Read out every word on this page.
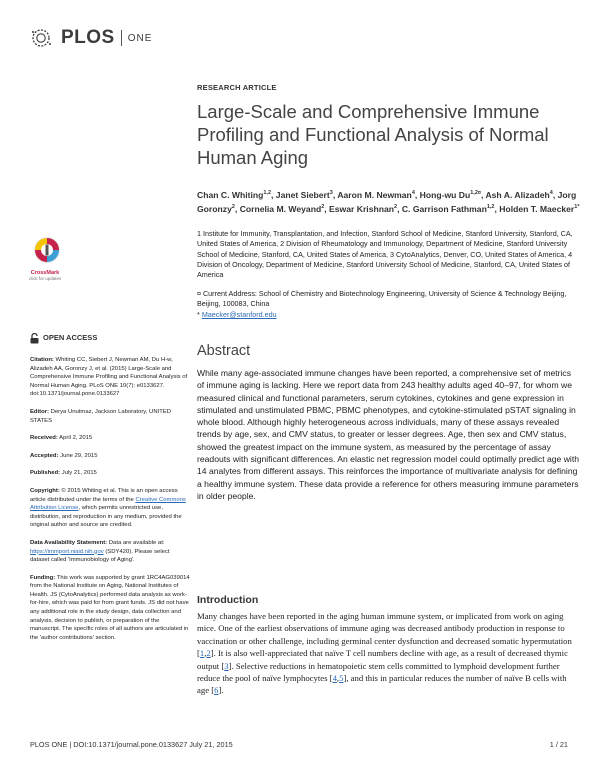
PLOS ONE
RESEARCH ARTICLE
Large-Scale and Comprehensive Immune Profiling and Functional Analysis of Normal Human Aging
Chan C. Whiting$^{1,2}$, Janet Siebert$^3$, Aaron M. Newman$^4$, Hong-wu $Du^{1,2¤}$, Ash A. Alizadeh$^4$, Jorg Goronzy$^2$, Cornelia M. Weyand$^2$, Eswar Krishnan$^2$, C. Garrison Fathman$^{1,2}$, Holden T. Maecker$^{1*}$
1 Institute for Immunity, Transplantation, and Infection, Stanford School of Medicine, Stanford University, Stanford, CA, United States of America, 2 Division of Rheumatology and Immunology, Department of Medicine, Stanford University School of Medicine, Stanford, CA, United States of America, 3 CytoAnalytics, Denver, CO, United States of America, 4 Division of Oncology, Department of Medicine, Stanford University School of Medicine, Stanford, CA, United States of America
¤ Current Address: School of Chemistry and Biotechnology Engineering, University of Science & Technology Beijing, Beijing, 100083, China
* Maecker@stanford.edu
CrossMark
click for updates
OPEN ACCESS
Citation: Whiting CC, Siebert J, Newman AM, Du H-w, Alizadeh AA, Goronzy J, et al. (2015) Large-Scale and Comprehensive Immune Profiling and Functional Analysis of Normal Human Aging. PLoS ONE 10(7): e0133627. doi:10.1371/journal.pone.0133627
Editor: Derya Unutmaz, Jackson Laboratory, UNITED STATES
Received: April 2, 2015
Accepted: June 29, 2015
Published: July 21, 2015
Copyright: © 2015 Whiting et al. This is an open access article distributed under the terms of the Creative Commons Attribution License, which permits unrestricted use, distribution, and reproduction in any medium, provided the original author and source are credited.
Data Availability Statement: Data are available at: https://immport.niaid.nih.gov (SDY420). Please select dataset called 'Immunobiology of Aging'.
Funding: This work was supported by grant 1RC4AG039014 from the National Institute on Aging, National Institutes of Health. JS (CytoAnalytics) performed data analysis as work-for-hire, which was paid for from grant funds. JS did not have any additional role in the study design, data collection and analysis, decision to publish, or preparation of the manuscript. The specific roles of all authors are articulated in the 'author contributions' section.
Abstract
While many age-associated immune changes have been reported, a comprehensive set of metrics of immune aging is lacking. Here we report data from 243 healthy adults aged 40–97, for whom we measured clinical and functional parameters, serum cytokines, cytokines and gene expression in stimulated and unstimulated PBMC, PBMC phenotypes, and cytokine-stimulated pSTAT signaling in whole blood. Although highly heterogeneous across individuals, many of these assays revealed trends by age, sex, and CMV status, to greater or lesser degrees. Age, then sex and CMV status, showed the greatest impact on the immune system, as measured by the percentage of assay readouts with significant differences. An elastic net regression model could optimally predict age with 14 analytes from different assays. This reinforces the importance of multivariate analysis for defining a healthy immune system. These data provide a reference for others measuring immune parameters in older people.
Introduction
Many changes have been reported in the aging human immune system, or implicated from work on aging mice. One of the earliest observations of immune aging was decreased antibody production in response to vaccination or other challenge, including germinal center dysfunction and decreased somatic hypermutation [1,2]. It is also well-appreciated that naïve T cell numbers decline with age, as a result of decreased thymic output [3]. Selective reductions in hematopoietic stem cells committed to lymphoid development further reduce the pool of naïve lymphocytes [4,5], and this in particular reduces the number of naïve B cells with age [6].
PLOS ONE | DOI:10.1371/journal.pone.0133627 July 21, 2015	1 / 21
